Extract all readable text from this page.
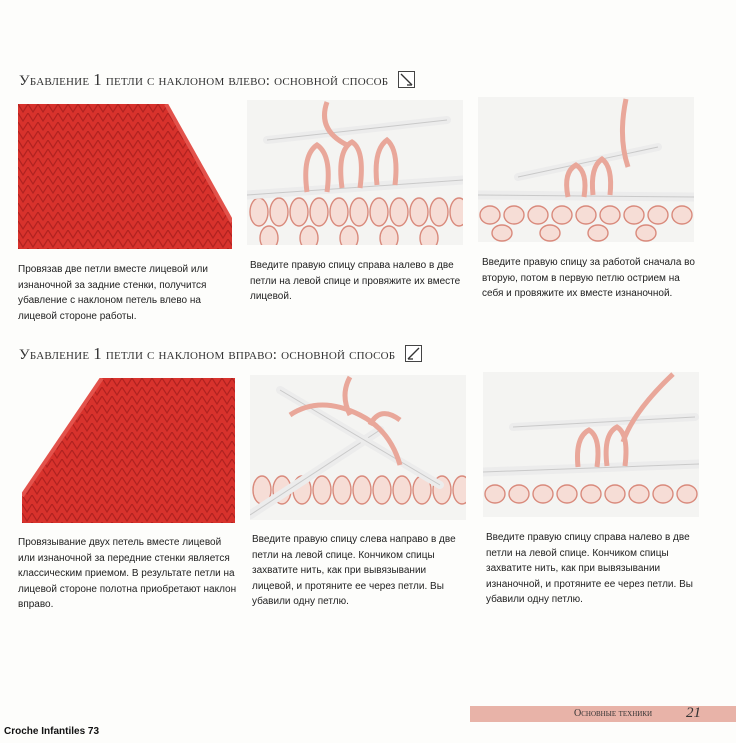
Убавление 1 петли с наклоном влево: основной способ
Провязав две петли вместе лицевой или изнаночной за задние стенки, получится убавление с наклоном петель влево на лицевой стороне работы.
Введите правую спицу справа налево в две петли на левой спице и провяжите их вместе лицевой.
Введите правую спицу за работой сначала во вторую, потом в первую петлю острием на себя и провяжите их вместе изнаночной.
Убавление 1 петли с наклоном вправо: основной способ
Провязывание двух петель вместе лицевой или изнаночной за передние стенки является классическим приемом. В результате петли на лицевой стороне полотна приобретают наклон вправо.
Введите правую спицу слева направо в две петли на левой спице. Кончиком спицы захватите нить, как при вывязывании лицевой, и протяните ее через петли. Вы убавили одну петлю.
Введите правую спицу справа налево в две петли на левой спице. Кончиком спицы захватите нить, как при вывязывании изнаночной, и протяните ее через петли. Вы убавили одну петлю.
Основные техники 21
Croche Infantiles 73
